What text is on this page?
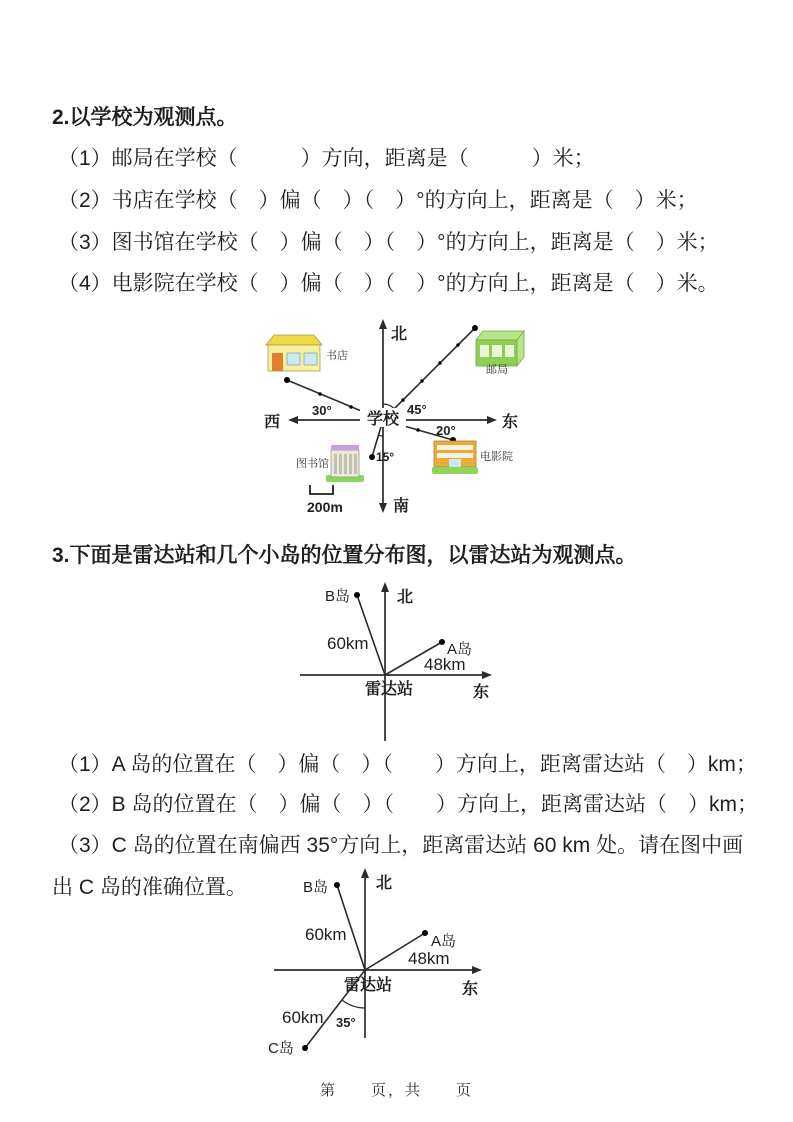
2.以学校为观测点。
（1）邮局在学校（　　　）方向，距离是（　　　）米；
（2）书店在学校（　）偏（　）（　）°的方向上，距离是（　）米；
（3）图书馆在学校（　）偏（　）（　）°的方向上，距离是（　）米；
（4）电影院在学校（　）偏（　）（　）°的方向上，距离是（　）米。
学校
北
南
西	东
45°
30°
20°
15°
书店
邮局
图书馆
电影院
200m
3.下面是雷达站和几个小岛的位置分布图，以雷达站为观测点。
北
东
雷达站
B岛
A岛
60km
48km
（1）A 岛的位置在（　）偏（　）（　　）方向上，距离雷达站（　）km；
（2）B 岛的位置在（　）偏（　）（　　）方向上，距离雷达站（　）km；
（3）C 岛的位置在南偏西 35°方向上，距离雷达站 60 km 处。请在图中画
出 C 岛的准确位置。	北
东
雷达站
B岛
A岛
C岛
60km
48km
60km 35°
第　　页，共　　页
